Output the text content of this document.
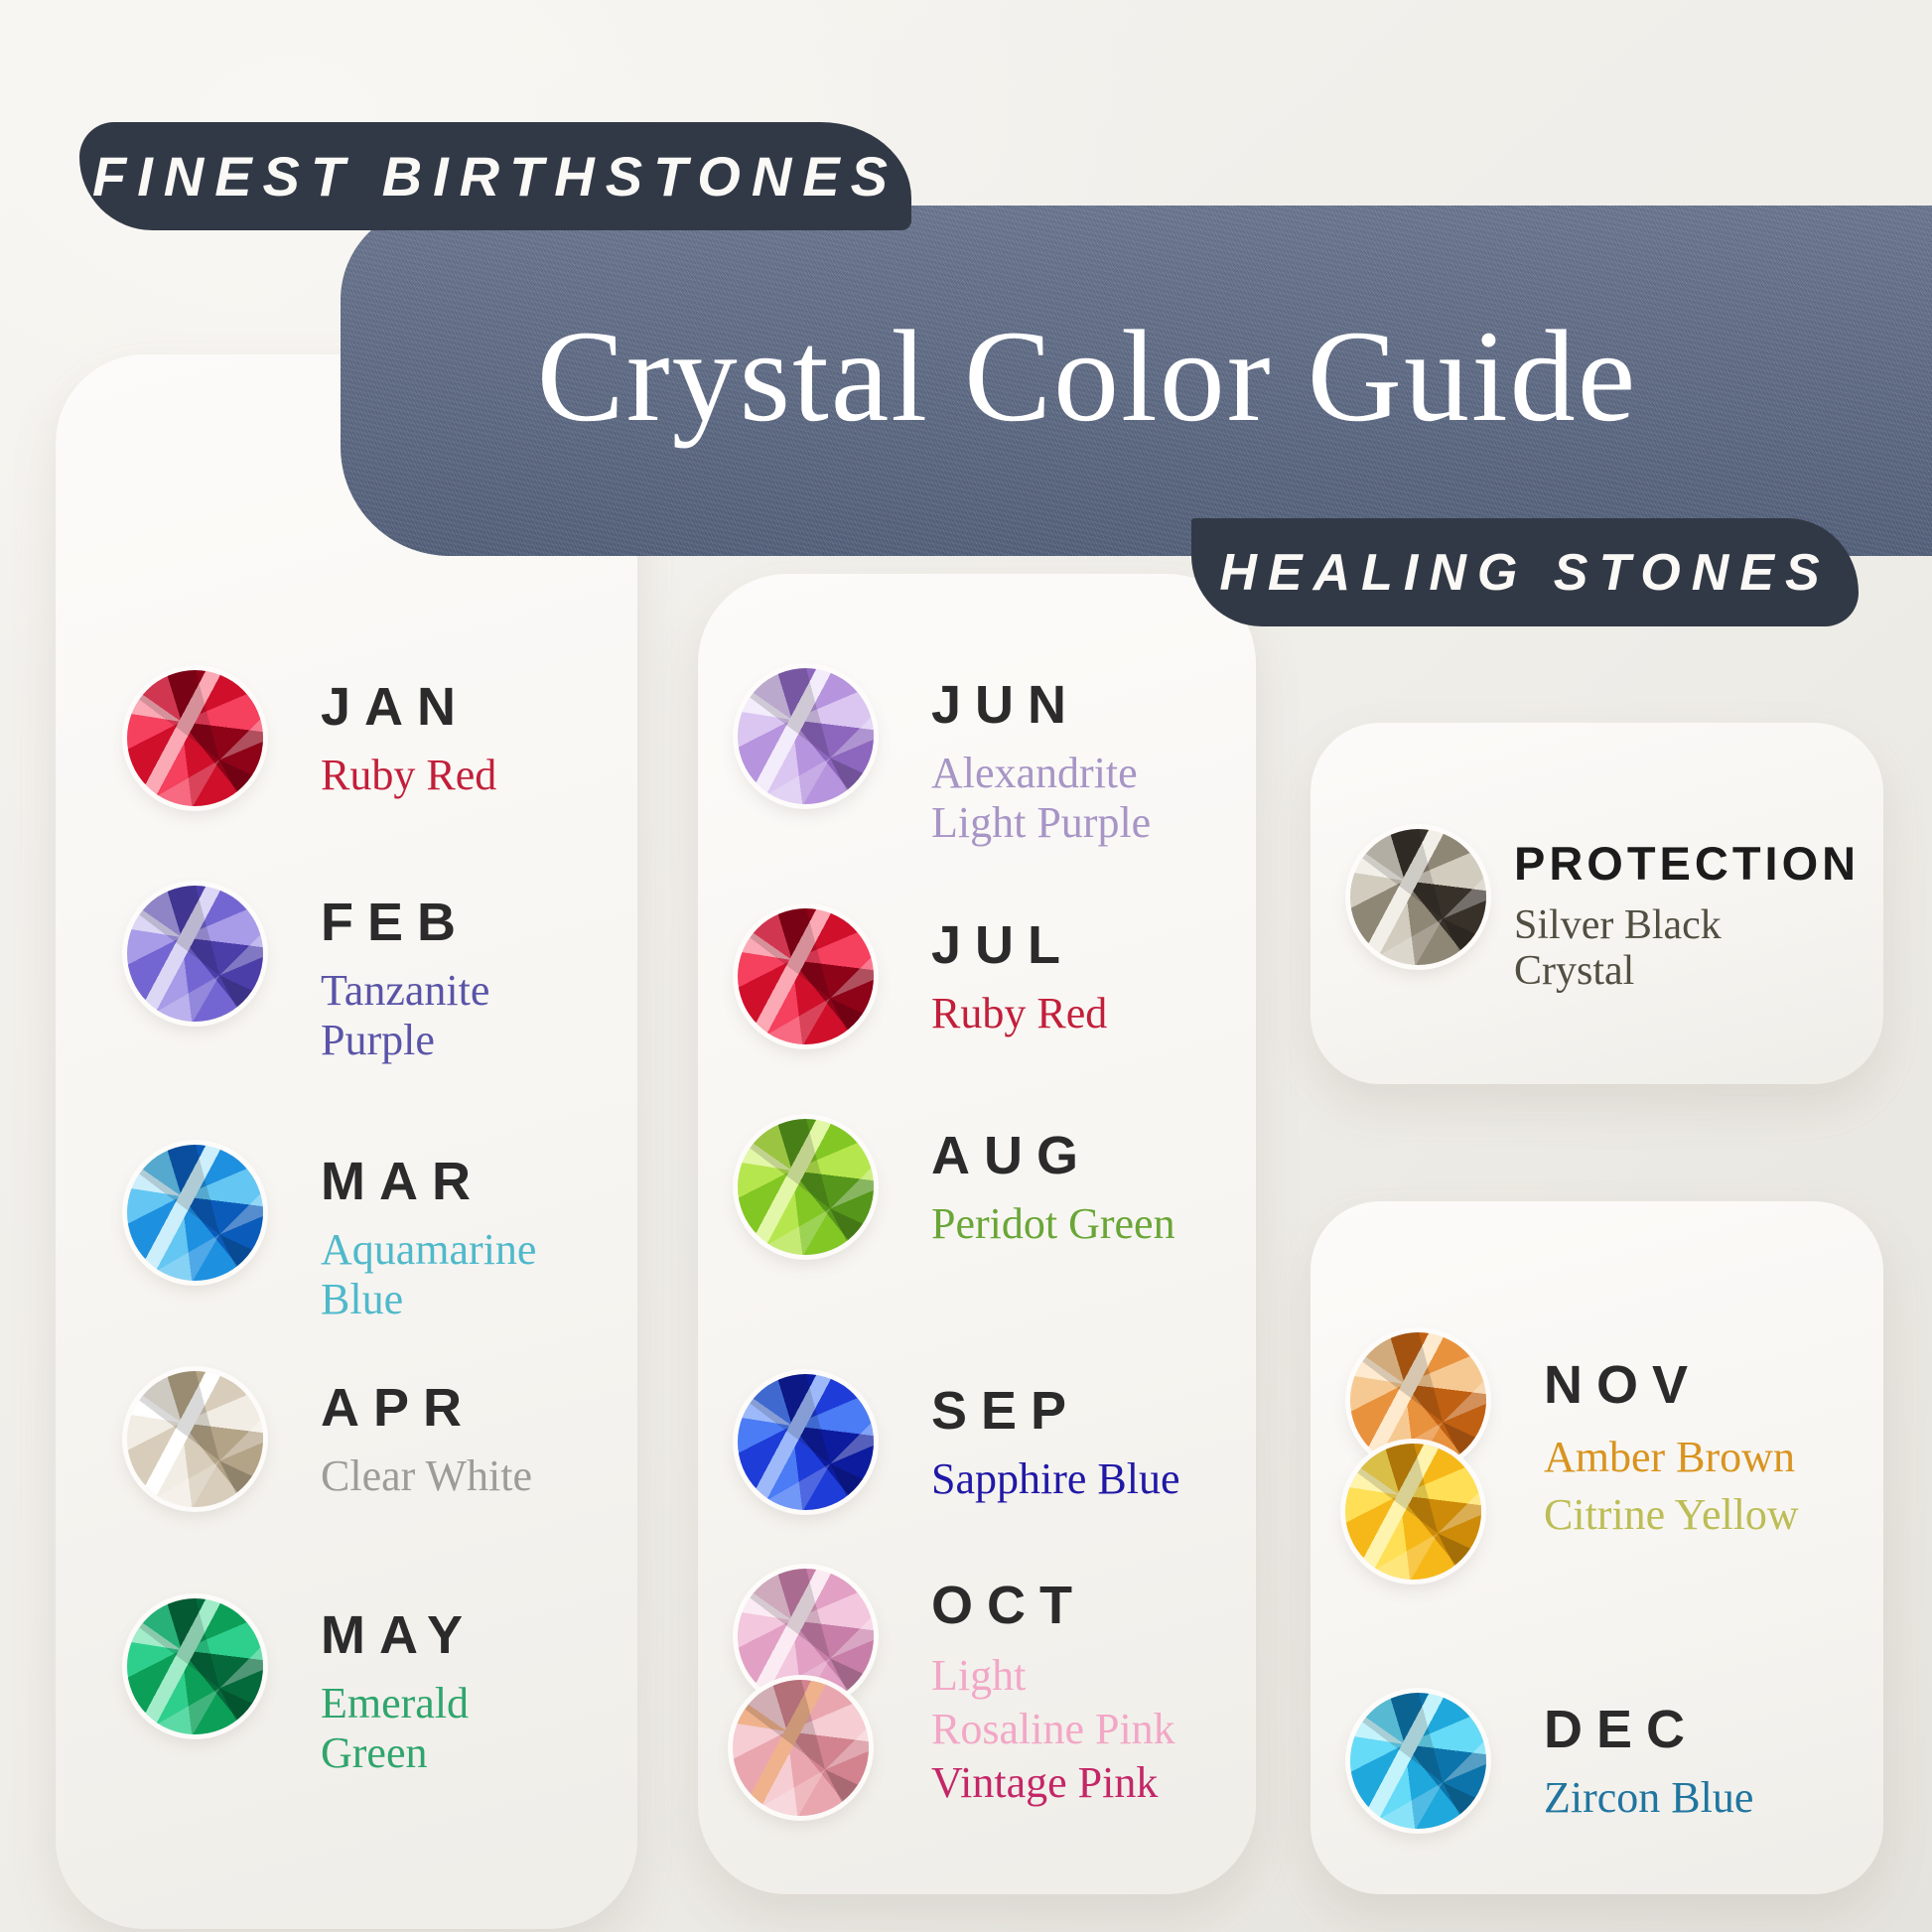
Crystal Color Guide
FINEST BIRTHSTONES
HEALING STONES
JAN
Ruby Red
FEB
Tanzanite
Purple
MAR
Aquamarine
Blue
APR
Clear White
MAY
Emerald
Green
JUN
Alexandrite
Light Purple
JUL
Ruby Red
AUG
Peridot Green
SEP
Sapphire Blue
OCT
Light
Rosaline Pink
Vintage Pink
PROTECTION
Silver Black
Crystal
NOV
Amber Brown
Citrine Yellow
DEC
Zircon Blue
